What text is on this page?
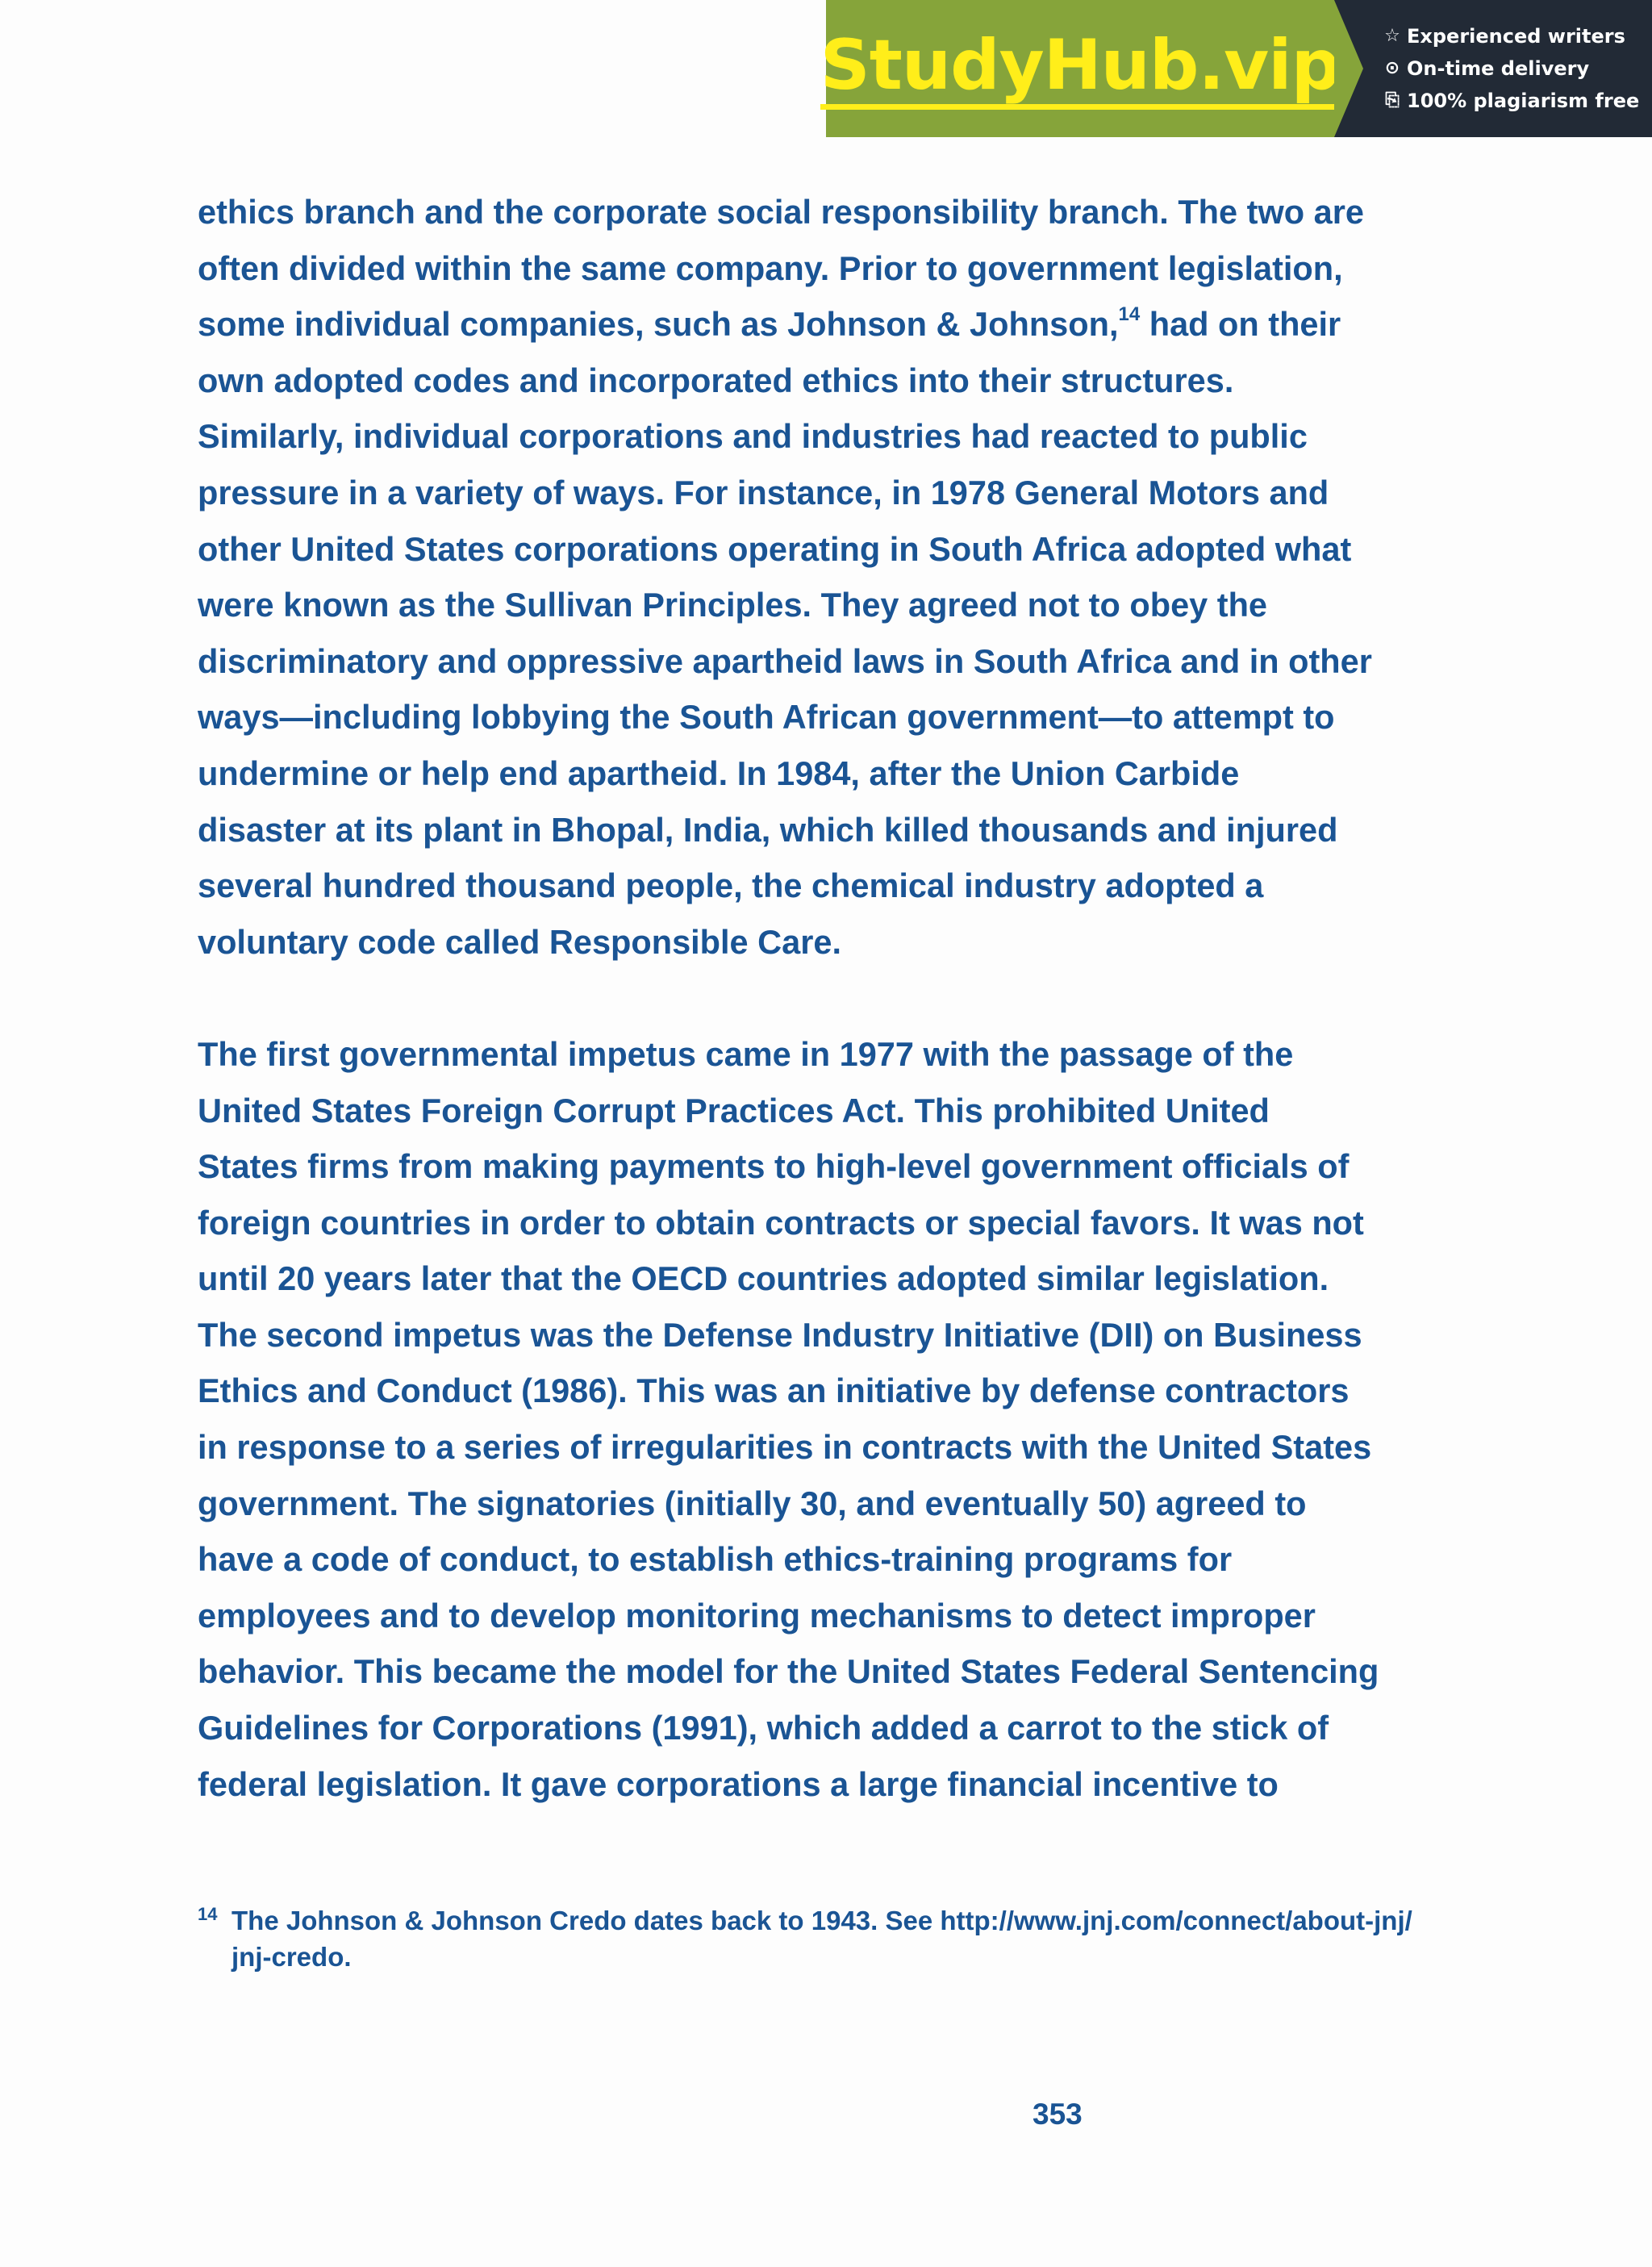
StudyHub.vip ☆ Experienced writers
⊙ On-time delivery
⎘ 100% plagiarism free

ethics branch and the corporate social responsibility branch. The two are
often divided within the same company. Prior to government legislation,
some individual companies, such as Johnson & Johnson,$^{14}$ had on their
own adopted codes and incorporated ethics into their structures.
Similarly, individual corporations and industries had reacted to public
pressure in a variety of ways. For instance, in 1978 General Motors and
other United States corporations operating in South Africa adopted what
were known as the Sullivan Principles. They agreed not to obey the
discriminatory and oppressive apartheid laws in South Africa and in other
ways—including lobbying the South African government—to attempt to
undermine or help end apartheid. In 1984, after the Union Carbide
disaster at its plant in Bhopal, India, which killed thousands and injured
several hundred thousand people, the chemical industry adopted a
voluntary code called Responsible Care.

The first governmental impetus came in 1977 with the passage of the
United States Foreign Corrupt Practices Act. This prohibited United
States firms from making payments to high-level government officials of
foreign countries in order to obtain contracts or special favors. It was not
until 20 years later that the OECD countries adopted similar legislation.
The second impetus was the Defense Industry Initiative (DII) on Business
Ethics and Conduct (1986). This was an initiative by defense contractors
in response to a series of irregularities in contracts with the United States
government. The signatories (initially 30, and eventually 50) agreed to
have a code of conduct, to establish ethics-training programs for
employees and to develop monitoring mechanisms to detect improper
behavior. This became the model for the United States Federal Sentencing
Guidelines for Corporations (1991), which added a carrot to the stick of
federal legislation. It gave corporations a large financial incentive to

14 The Johnson & Johnson Credo dates back to 1943. See http://www.jnj.com/connect/about-jnj/
jnj-credo.
353
